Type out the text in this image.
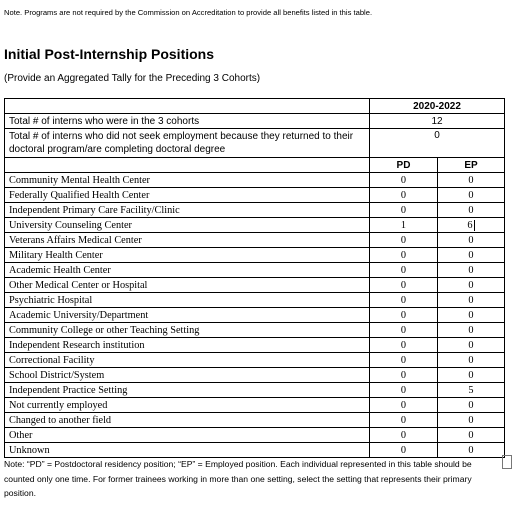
Note. Programs are not required by the Commission on Accreditation to provide all benefits listed in this table.
Initial Post-Internship Positions
(Provide an Aggregated Tally for the Preceding 3 Cohorts)
	2020-2022	
Total # of interns who were in the 3 cohorts	12	
Total # of interns who did not seek employment because they returned to their doctoral program/are completing doctoral degree	0	
	PD	EP
Community Mental Health Center	0	0
Federally Qualified Health Center	0	0
Independent Primary Care Facility/Clinic	0	0
University Counseling Center	1	6
Veterans Affairs Medical Center	0	0
Military Health Center	0	0
Academic Health Center	0	0
Other Medical Center or Hospital	0	0
Psychiatric Hospital	0	0
Academic University/Department	0	0
Community College or other Teaching Setting	0	0
Independent Research institution	0	0
Correctional Facility	0	0
School District/System	0	0
Independent Practice Setting	0	5
Not currently employed	0	0
Changed to another field	0	0
Other	0	0
Unknown	0	0
Note: “PD” = Postdoctoral residency position; “EP” = Employed position. Each individual represented in this table should be counted only one time. For former trainees working in more than one setting, select the setting that represents their primary position.
